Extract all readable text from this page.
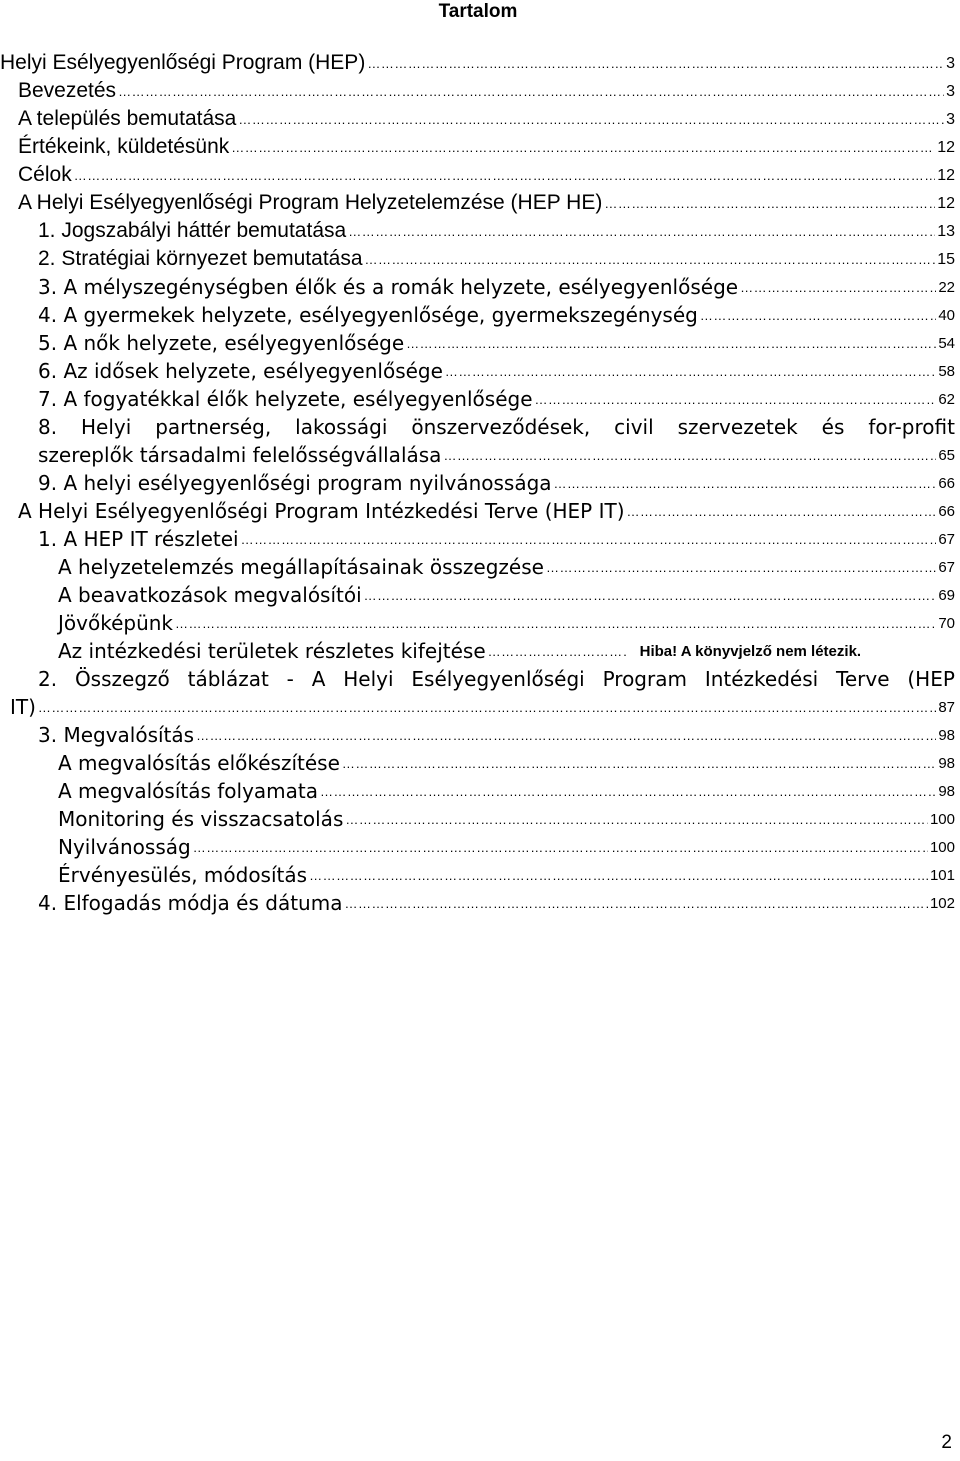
Tartalom
Helyi Esélyegyenlőségi Program (HEP) …………………………………………………………………………………………………………………………………………………………………………………………………………………………………	3
Bevezetés …………………………………………………………………………………………………………………………………………………………………………………………………………………………………	3
A település bemutatása …………………………………………………………………………………………………………………………………………………………………………………………………………………………………	3
Értékeink, küldetésünk …………………………………………………………………………………………………………………………………………………………………………………………………………………………………	12
Célok …………………………………………………………………………………………………………………………………………………………………………………………………………………………………	12
A Helyi Esélyegyenlőségi Program Helyzetelemzése (HEP HE) …………………………………………………………………………………………………………………………………………………………………………………………………………………………………	12
1. Jogszabályi háttér bemutatása …………………………………………………………………………………………………………………………………………………………………………………………………………………………………	13
2. Stratégiai környezet bemutatása …………………………………………………………………………………………………………………………………………………………………………………………………………………………………	15
3. A mélyszegénységben élők és a romák helyzete, esélyegyenlősége …………………………………………………………………………………………………………………………………………………………………………………………………………………………………	22
4. A gyermekek helyzete, esélyegyenlősége, gyermekszegénység …………………………………………………………………………………………………………………………………………………………………………………………………………………………………	40
5. A nők helyzete, esélyegyenlősége …………………………………………………………………………………………………………………………………………………………………………………………………………………………………	54
6. Az idősek helyzete, esélyegyenlősége …………………………………………………………………………………………………………………………………………………………………………………………………………………………………	58
7. A fogyatékkal élők helyzete, esélyegyenlősége …………………………………………………………………………………………………………………………………………………………………………………………………………………………………	62
8. Helyi partnerség, lakossági önszerveződések, civil szervezetek és for-profit
szereplők társadalmi felelősségvállalása …………………………………………………………………………………………………………………………………………………………………………………………………………………………………	65
9. A helyi esélyegyenlőségi program nyilvánossága …………………………………………………………………………………………………………………………………………………………………………………………………………………………………	66
A Helyi Esélyegyenlőségi Program Intézkedési Terve (HEP IT) …………………………………………………………………………………………………………………………………………………………………………………………………………………………………	66
1. A HEP IT részletei …………………………………………………………………………………………………………………………………………………………………………………………………………………………………	67
A helyzetelemzés megállapításainak összegzése …………………………………………………………………………………………………………………………………………………………………………………………………………………………………	67
A beavatkozások megvalósítói …………………………………………………………………………………………………………………………………………………………………………………………………………………………………	69
Jövőképünk …………………………………………………………………………………………………………………………………………………………………………………………………………………………………	70
Az intézkedési területek részletes kifejtése …………………………………………………………………………………………………………………………………………………………………………………………………………………………………	Hiba! A könyvjelző nem létezik.
2. Összegző táblázat - A Helyi Esélyegyenlőségi Program Intézkedési Terve (HEP
IT) …………………………………………………………………………………………………………………………………………………………………………………………………………………………………	87
3. Megvalósítás …………………………………………………………………………………………………………………………………………………………………………………………………………………………………	98
A megvalósítás előkészítése …………………………………………………………………………………………………………………………………………………………………………………………………………………………………	98
A megvalósítás folyamata …………………………………………………………………………………………………………………………………………………………………………………………………………………………………	98
Monitoring és visszacsatolás …………………………………………………………………………………………………………………………………………………………………………………………………………………………………	100
Nyilvánosság …………………………………………………………………………………………………………………………………………………………………………………………………………………………………	100
Érvényesülés, módosítás …………………………………………………………………………………………………………………………………………………………………………………………………………………………………	101
4. Elfogadás módja és dátuma …………………………………………………………………………………………………………………………………………………………………………………………………………………………………	102
2
